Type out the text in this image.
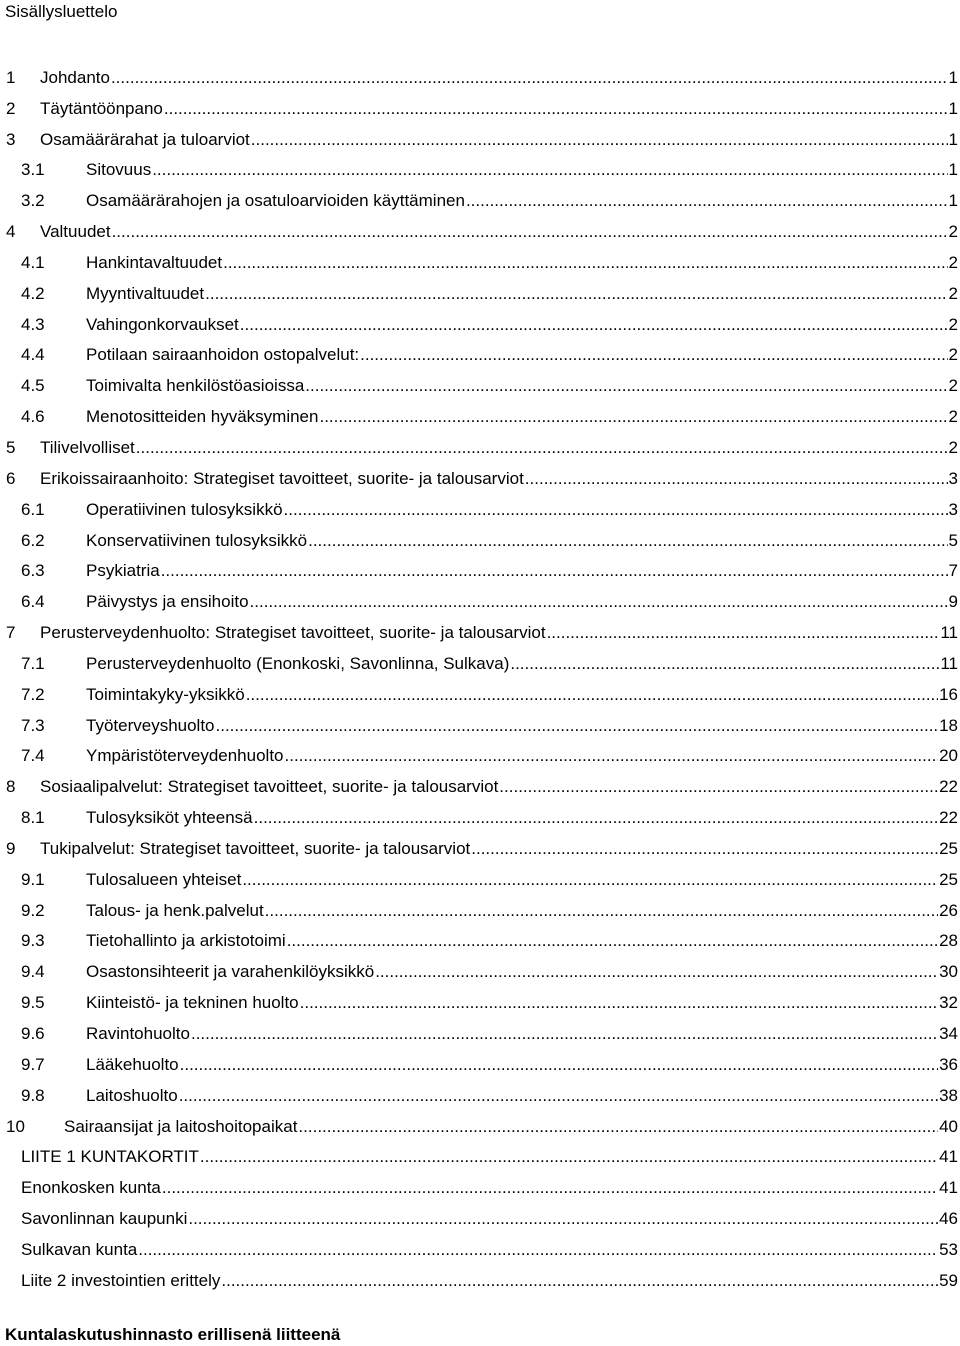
Sisällysluettelo
1	Johdanto .....	1
2	Täytäntöönpano .....	1
3	Osamäärärahat ja tuloarviot .....	1
3.1	Sitovuus .....	1
3.2	Osamäärärahojen ja osatuloarvioiden käyttäminen .....	1
4	Valtuudet .....	2
4.1	Hankintavaltuudet .....	2
4.2	Myyntivaltuudet .....	2
4.3	Vahingonkorvaukset .....	2
4.4	Potilaan sairaanhoidon ostopalvelut: .....	2
4.5	Toimivalta henkilöstöasioissa .....	2
4.6	Menotositteiden hyväksyminen .....	2
5	Tilivelvolliset .....	2
6	Erikoissairaanhoito: Strategiset tavoitteet, suorite- ja talousarviot .....	3
6.1	Operatiivinen tulosyksikkö .....	3
6.2	Konservatiivinen tulosyksikkö .....	5
6.3	Psykiatria .....	7
6.4	Päivystys ja ensihoito .....	9
7	Perusterveydenhuolto: Strategiset tavoitteet, suorite- ja talousarviot .....	11
7.1	Perusterveydenhuolto (Enonkoski, Savonlinna, Sulkava) .....	11
7.2	Toimintakyky-yksikkö .....	16
7.3	Työterveyshuolto .....	18
7.4	Ympäristöterveydenhuolto .....	20
8	Sosiaalipalvelut: Strategiset tavoitteet, suorite- ja talousarviot .....	22
8.1	Tulosyksiköt yhteensä .....	22
9	Tukipalvelut: Strategiset tavoitteet, suorite- ja talousarviot .....	25
9.1	Tulosalueen yhteiset .....	25
9.2	Talous- ja henk.palvelut .....	26
9.3	Tietohallinto ja arkistotoimi .....	28
9.4	Osastonsihteerit ja varahenkilöyksikkö .....	30
9.5	Kiinteistö- ja tekninen huolto .....	32
9.6	Ravintohuolto .....	34
9.7	Lääkehuolto .....	36
9.8	Laitoshuolto .....	38
10	Sairaansijat ja laitoshoitopaikat .....	40
LIITE 1 KUNTAKORTIT .....	41
Enonkosken kunta .....	41
Savonlinnan kaupunki .....	46
Sulkavan kunta .....	53
Liite 2 investointien erittely .....	59
Kuntalaskutushinnasto erillisenä liitteenä
